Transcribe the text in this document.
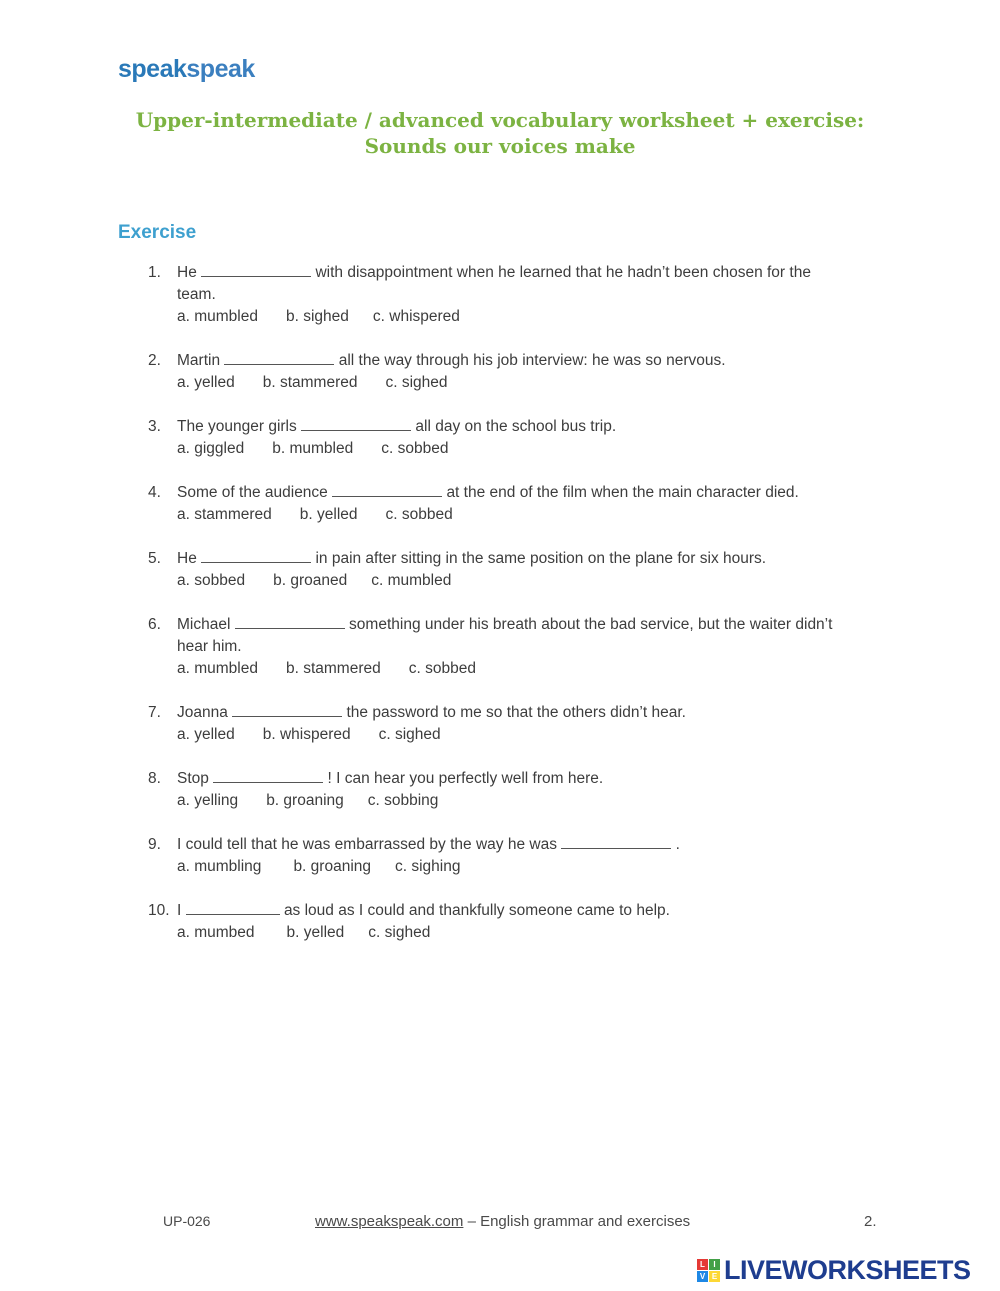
speakspeak
Upper-intermediate / advanced vocabulary worksheet + exercise:
Sounds our voices make
Exercise
1. He	with disappointment when he learned that he hadn’t been chosen for the
team.
a. mumbled b. sighed c. whispered
2. Martin	all the way through his job interview: he was so nervous.
a. yelled b. stammered c. sighed
3. The younger girls	all day on the school bus trip.
a. giggled b. mumbled c. sobbed
4. Some of the audience	at the end of the film when the main character died.
a. stammered b. yelled c. sobbed
5. He	in pain after sitting in the same position on the plane for six hours.
a. sobbed b. groaned c. mumbled
6. Michael	something under his breath about the bad service, but the waiter didn’t
hear him.
a. mumbled b. stammered c. sobbed
7. Joanna	the password to me so that the others didn’t hear.
a. yelled b. whispered c. sighed
8. Stop	! I can hear you perfectly well from here.
a. yelling b. groaning c. sobbing
9. I could tell that he was embarrassed by the way he was	.
a. mumbling b. groaning c. sighing
10. I	as loud as I could and thankfully someone came to help.
a. mumbed b. yelled c. sighed
UP-026	www.speakspeak.com – English grammar and exercises	2.
L	I
V E LIVEWORKSHEETS
